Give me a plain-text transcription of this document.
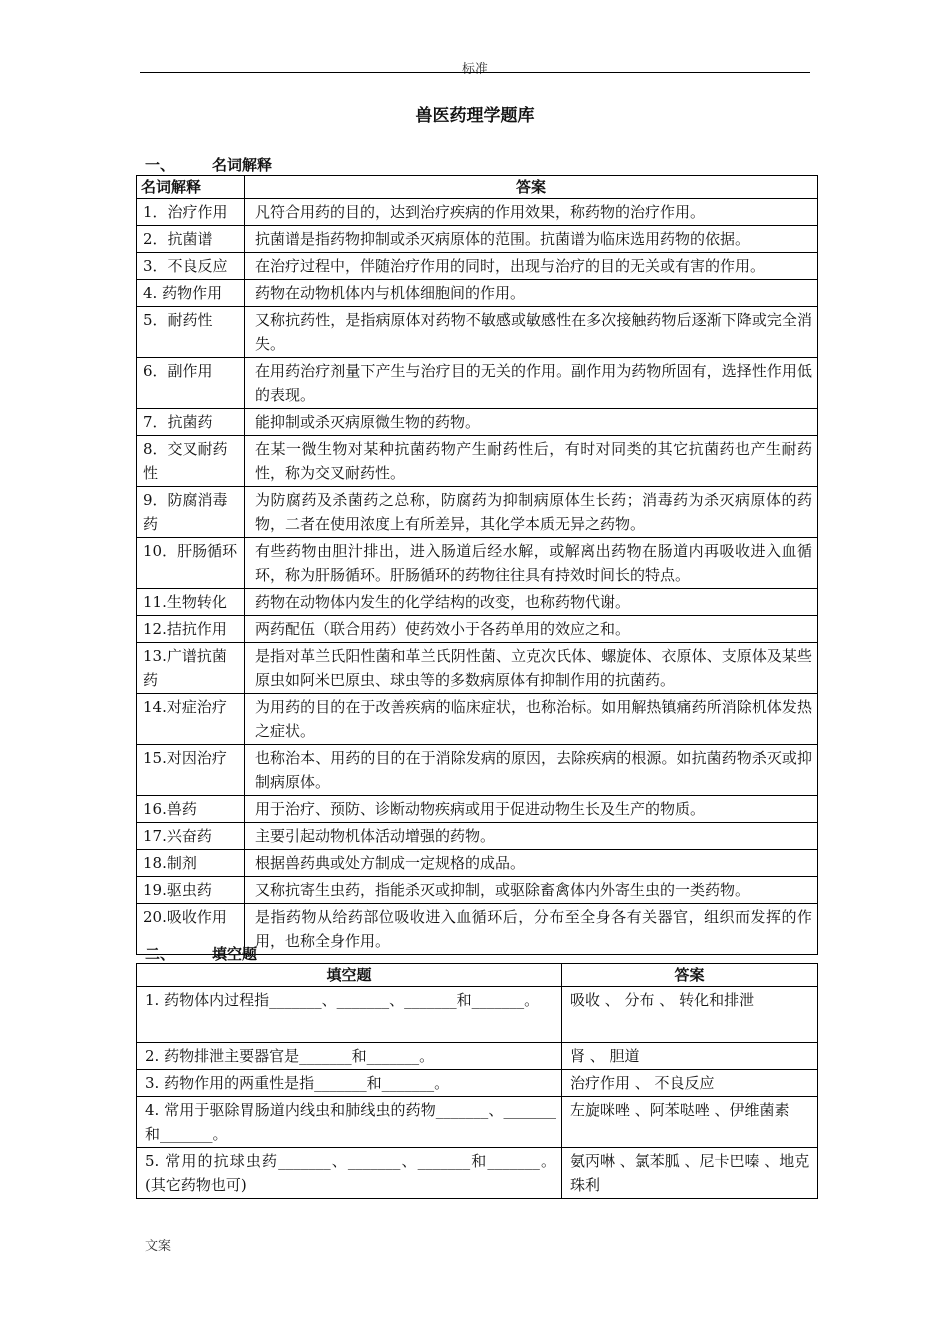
标准
兽医药理学题库
一、 名词解释
名词解释	答案
1．治疗作用	凡符合用药的目的，达到治疗疾病的作用效果，称药物的治疗作用。
2．抗菌谱	抗菌谱是指药物抑制或杀灭病原体的范围。抗菌谱为临床选用药物的依据。
3．不良反应	在治疗过程中，伴随治疗作用的同时，出现与治疗的目的无关或有害的作用。
4. 药物作用	药物在动物机体内与机体细胞间的作用。
5．耐药性	又称抗药性，是指病原体对药物不敏感或敏感性在多次接触药物后逐渐下降或完全消失。
6．副作用	在用药治疗剂量下产生与治疗目的无关的作用。副作用为药物所固有，选择性作用低的表现。
7．抗菌药	能抑制或杀灭病原微生物的药物。
8．交叉耐药性	在某一微生物对某种抗菌药物产生耐药性后，有时对同类的其它抗菌药也产生耐药性，称为交叉耐药性。
9．防腐消毒药	为防腐药及杀菌药之总称，防腐药为抑制病原体生长药；消毒药为杀灭病原体的药物，二者在使用浓度上有所差异，其化学本质无异之药物。
10．肝肠循环	有些药物由胆汁排出，进入肠道后经水解，或解离出药物在肠道内再吸收进入血循环，称为肝肠循环。肝肠循环的药物往往具有持效时间长的特点。
11.生物转化	药物在动物体内发生的化学结构的改变，也称药物代谢。
12.拮抗作用	两药配伍（联合用药）使药效小于各药单用的效应之和。
13.广谱抗菌药	是指对革兰氏阳性菌和革兰氏阴性菌、立克次氏体、螺旋体、衣原体、支原体及某些原虫如阿米巴原虫、球虫等的多数病原体有抑制作用的抗菌药。
14.对症治疗	为用药的目的在于改善疾病的临床症状，也称治标。如用解热镇痛药所消除机体发热之症状。
15.对因治疗	也称治本、用药的目的在于消除发病的原因，去除疾病的根源。如抗菌药物杀灭或抑制病原体。
16.兽药	用于治疗、预防、诊断动物疾病或用于促进动物生长及生产的物质。
17.兴奋药	主要引起动物机体活动增强的药物。
18.制剂	根据兽药典或处方制成一定规格的成品。
19.驱虫药	又称抗寄生虫药，指能杀灭或抑制，或驱除畜禽体内外寄生虫的一类药物。
20.吸收作用	是指药物从给药部位吸收进入血循环后，分布至全身各有关器官，组织而发挥的作用，也称全身作用。
二、 填空题
填空题	答案
1. 药物体内过程指_______、_______、_______和_______。	吸收 、 分布 、 转化和排泄
2. 药物排泄主要器官是_______和_______。	肾 、 胆道
3. 药物作用的两重性是指_______和_______。	治疗作用 、 不良反应
4. 常用于驱除胃肠道内线虫和肺线虫的药物_______、_______和_______。	左旋咪唑 、阿苯哒唑 、伊维菌素
5. 常用的抗球虫药_______、_______、_______和_______。(其它药物也可)	氨丙啉 、氯苯胍 、尼卡巴嗪 、地克珠利
文案
